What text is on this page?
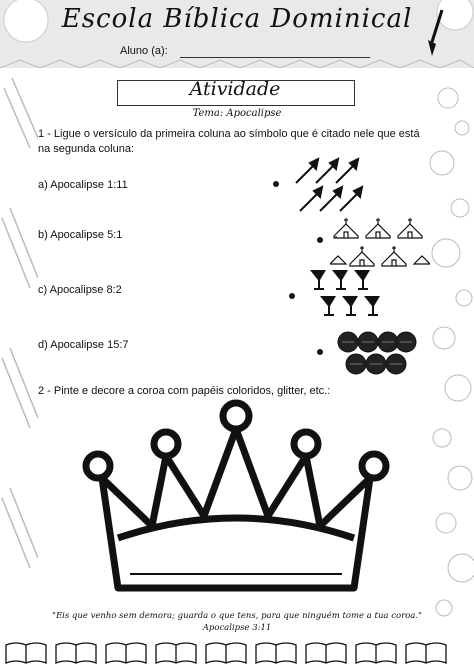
Escola Bíblica Dominical
Aluno (a):
Atividade
Tema: Apocalipse
1 - Ligue o versículo da primeira coluna ao símbolo que é citado nele que está na segunda coluna:
a) Apocalipse 1:11
b) Apocalipse 5:1
c) Apocalipse 8:2
d) Apocalipse 15:7
2 - Pinte e decore a coroa com papéis coloridos, glitter, etc.:
"Eis que venho sem demora; guarda o que tens, para que ninguém tome a tua coroa."
Apocalipse 3:11
